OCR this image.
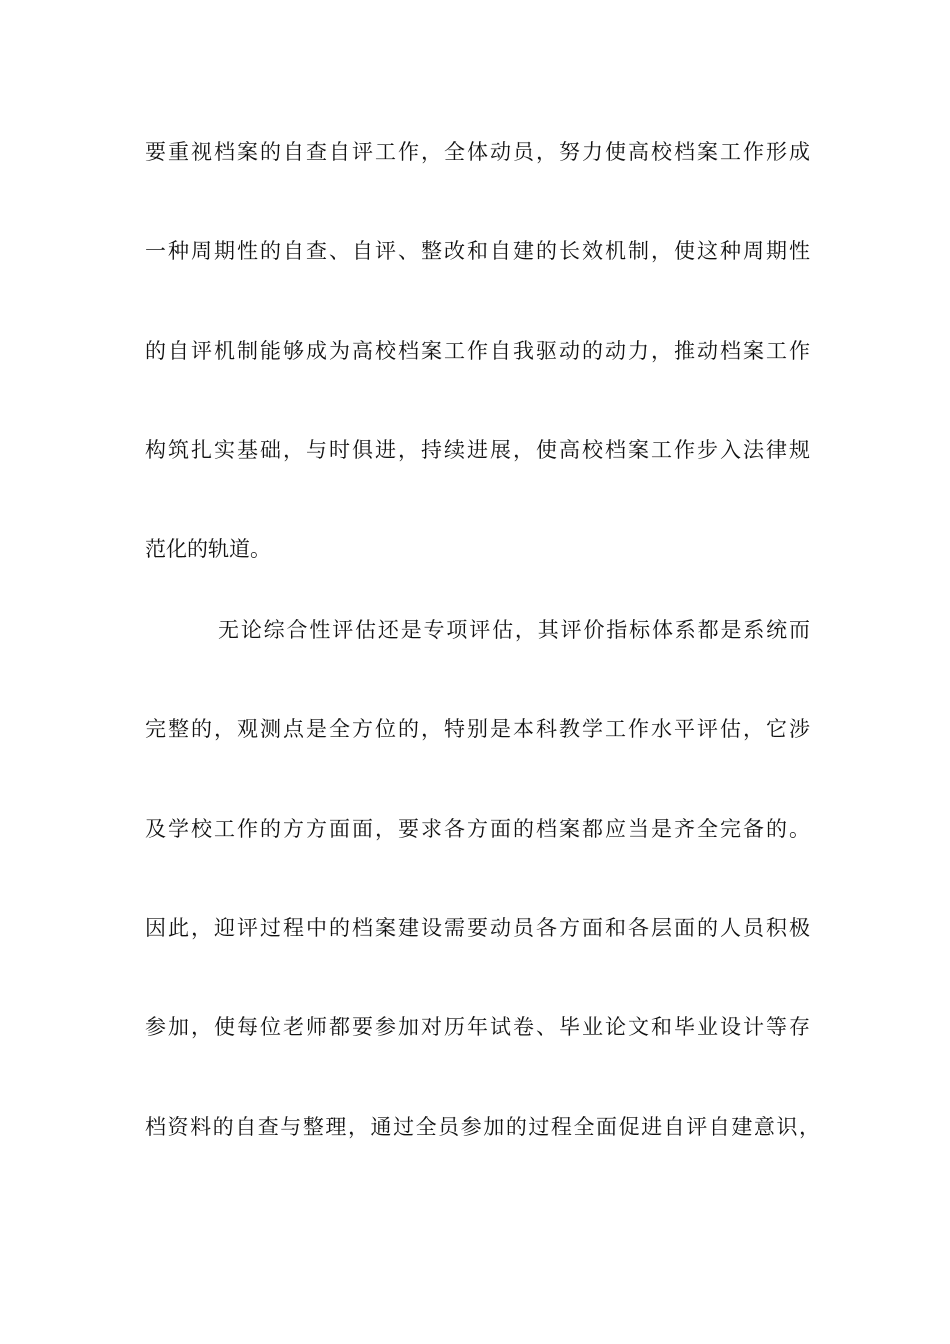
要重视档案的自查自评工作，全体动员，努力使高校档案工作形成
一种周期性的自查、自评、整改和自建的长效机制，使这种周期性
的自评机制能够成为高校档案工作自我驱动的动力，推动档案工作
构筑扎实基础，与时俱进，持续进展，使高校档案工作步入法律规
范化的轨道。
无论综合性评估还是专项评估，其评价指标体系都是系统而
完整的，观测点是全方位的，特别是本科教学工作水平评估，它涉
及学校工作的方方面面，要求各方面的档案都应当是齐全完备的。
因此，迎评过程中的档案建设需要动员各方面和各层面的人员积极
参加，使每位老师都要参加对历年试卷、毕业论文和毕业设计等存
档资料的自查与整理，通过全员参加的过程全面促进自评自建意识，
